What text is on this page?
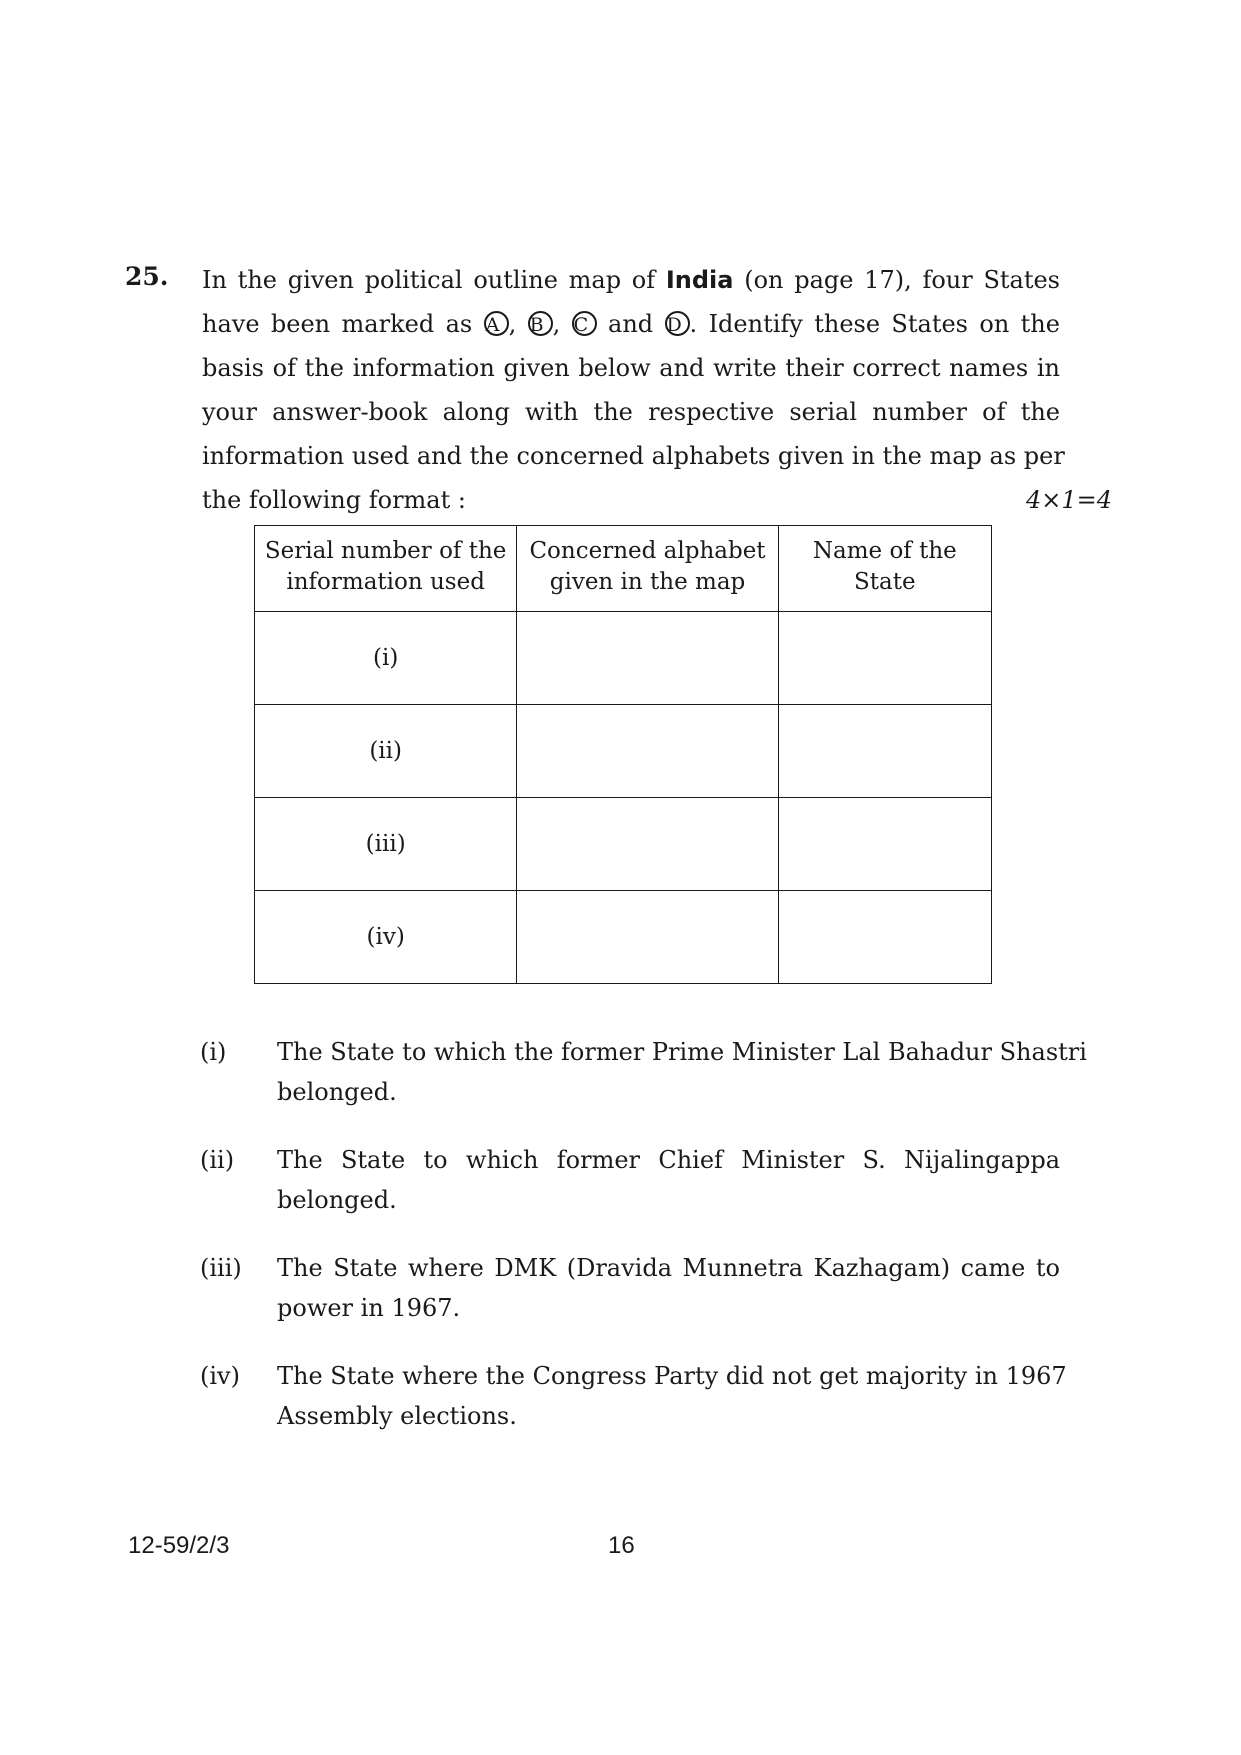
25. In the given political outline map of India (on page 17), four States
have been marked as A , B , C and D . Identify these States on the
basis of the information given below and write their correct names in
your answer-book along with the respective serial number of the
information used and the concerned alphabets given in the map as per
the following format :	4×1=4
Serial number of the information used	Concerned alphabet given in the map	Name of the State
(i)		
(ii)		
(iii)		
(iv)		
(i) The State to which the former Prime Minister Lal Bahadur Shastri
belonged.
(ii) The State to which former Chief Minister S. Nijalingappa
belonged.
(iii) The State where DMK (Dravida Munnetra Kazhagam) came to
power in 1967.
(iv) The State where the Congress Party did not get majority in 1967
Assembly elections.
12-59/2/3	16
